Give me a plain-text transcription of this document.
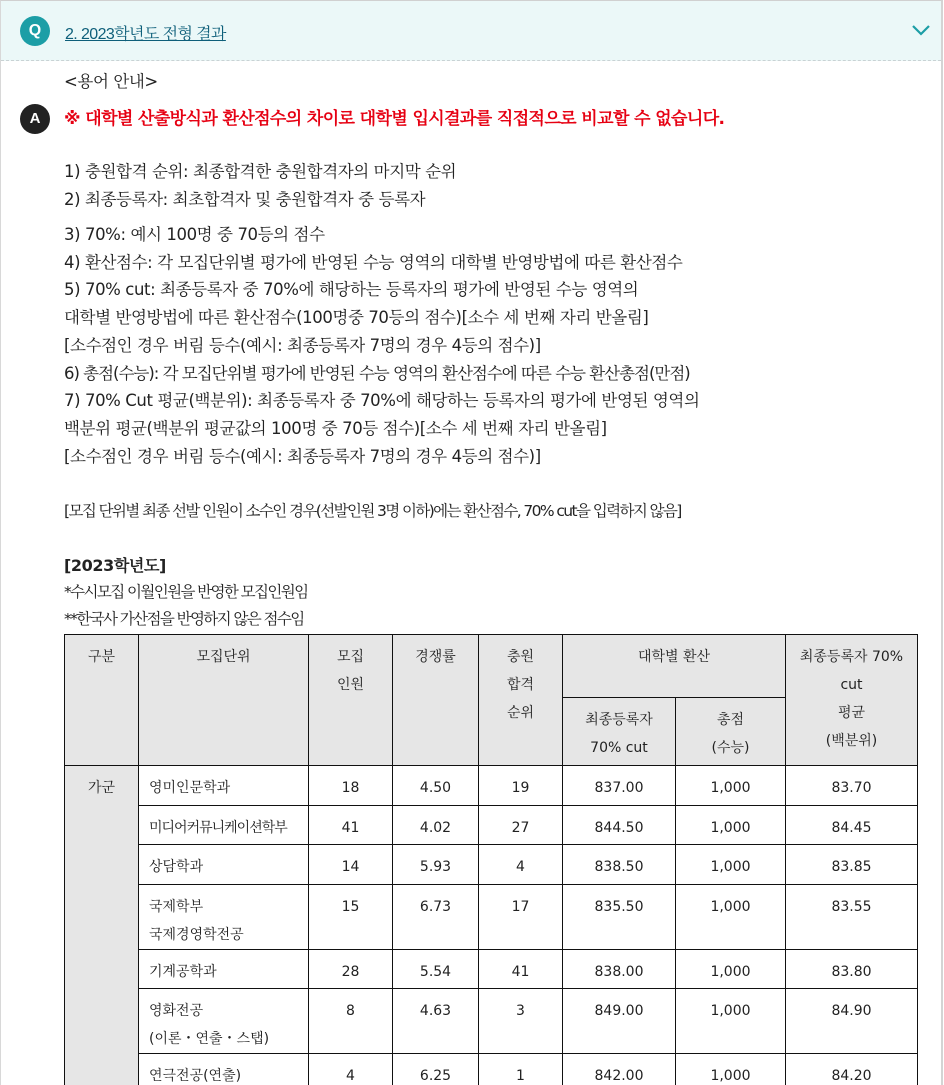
Q	2. 2023학년도 전형 결과
A
<용어 안내>
※ 대학별 산출방식과 환산점수의 차이로 대학별 입시결과를 직접적으로 비교할 수 없습니다.
1) 충원합격 순위: 최종합격한 충원합격자의 마지막 순위
2) 최종등록자: 최초합격자 및 충원합격자 중 등록자
3) 70%: 예시 100명 중 70등의 점수
4) 환산점수: 각 모집단위별 평가에 반영된 수능 영역의 대학별 반영방법에 따른 환산점수
5) 70% cut: 최종등록자 중 70%에 해당하는 등록자의 평가에 반영된 수능 영역의
대학별 반영방법에 따른 환산점수(100명중 70등의 점수)[소수 세 번째 자리 반올림]
[소수점인 경우 버림 등수(예시: 최종등록자 7명의 경우 4등의 점수)]
6) 총점(수능): 각 모집단위별 평가에 반영된 수능 영역의 환산점수에 따른 수능 환산총점(만점)
7) 70% Cut 평균(백분위): 최종등록자 중 70%에 해당하는 등록자의 평가에 반영된 영역의
백분위 평균(백분위 평균값의 100명 중 70등 점수)[소수 세 번째 자리 반올림]
[소수점인 경우 버림 등수(예시: 최종등록자 7명의 경우 4등의 점수)]
[모집 단위별 최종 선발 인원이 소수인 경우(선발인원 3명 이하)에는 환산점수, 70% cut을 입력하지 않음]
[2023학년도]
*수시모집 이월인원을 반영한 모집인원임
**한국사 가산점을 반영하지 않은 점수임
구분	모집단위	모집
인원	경쟁률	충원
합격
순위	대학별 환산		최종등록자 70%
cut
평균
(백분위)
					최종등록자
70% cut	총점
(수능)	
가군	영미인문학과	18	4.50	19	837.00	1,000	83.70
	미디어커뮤니케이션학부	41	4.02	27	844.50	1,000	84.45
	상담학과	14	5.93	4	838.50	1,000	83.85
	국제학부
국제경영학전공	15	6.73	17	835.50	1,000	83.55
	기계공학과	28	5.54	41	838.00	1,000	83.80
	영화전공
(이론・연출・스탭)	8	4.63	3	849.00	1,000	84.90
	연극전공(연출)	4	6.25	1	842.00	1,000	84.20
